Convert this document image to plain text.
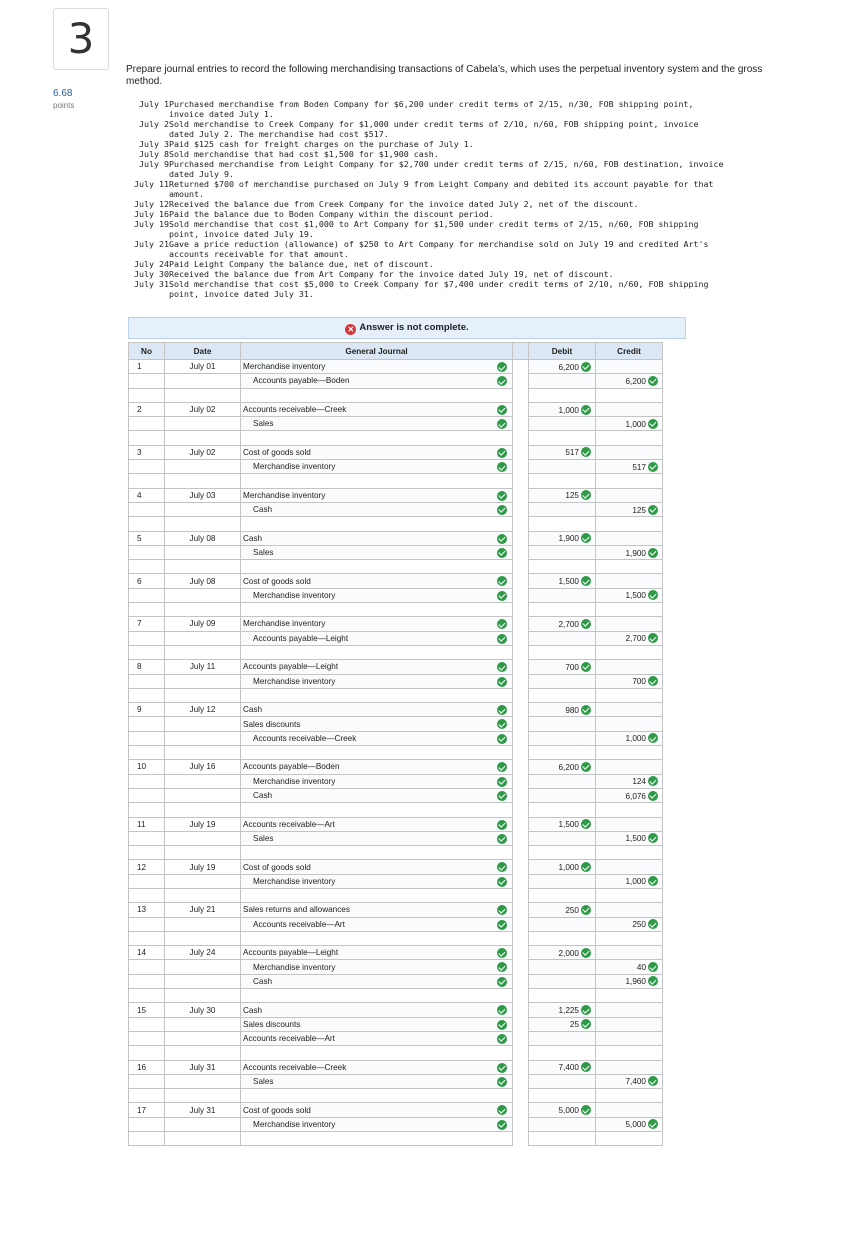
3
6.68
points
Prepare journal entries to record the following merchandising transactions of Cabela’s, which uses the perpetual inventory system and the gross method.
July 1 Purchased merchandise from Boden Company for $6,200 under credit terms of 2/15, n/30, FOB shipping point,
invoice dated July 1.
July 2 Sold merchandise to Creek Company for $1,000 under credit terms of 2/10, n/60, FOB shipping point, invoice
dated July 2. The merchandise had cost $517.
July 3 Paid $125 cash for freight charges on the purchase of July 1.
July 8 Sold merchandise that had cost $1,500 for $1,900 cash.
July 9 Purchased merchandise from Leight Company for $2,700 under credit terms of 2/15, n/60, FOB destination, invoice
dated July 9.
July 11 Returned $700 of merchandise purchased on July 9 from Leight Company and debited its account payable for that
amount.
July 12 Received the balance due from Creek Company for the invoice dated July 2, net of the discount.
July 16 Paid the balance due to Boden Company within the discount period.
July 19 Sold merchandise that cost $1,000 to Art Company for $1,500 under credit terms of 2/15, n/60, FOB shipping
point, invoice dated July 19.
July 21 Gave a price reduction (allowance) of $250 to Art Company for merchandise sold on July 19 and credited Art's
accounts receivable for that amount.
July 24 Paid Leight Company the balance due, net of discount.
July 30 Received the balance due from Art Company for the invoice dated July 19, net of discount.
July 31 Sold merchandise that cost $5,000 to Creek Company for $7,400 under credit terms of 2/10, n/60, FOB shipping
point, invoice dated July 31.
✕ Answer is not complete.
No	Date	General Journal		Debit	Credit
1	July 01	Merchandise inventory		6,200	
		Accounts payable—Boden			6,200

2	July 02	Accounts receivable—Creek		1,000	
		Sales			1,000

3	July 02	Cost of goods sold		517	
		Merchandise inventory			517

4	July 03	Merchandise inventory		125	
		Cash			125

5	July 08	Cash		1,900	
		Sales			1,900

6	July 08	Cost of goods sold		1,500	
		Merchandise inventory			1,500

7	July 09	Merchandise inventory		2,700	
		Accounts payable—Leight			2,700

8	July 11	Accounts payable—Leight		700	
		Merchandise inventory			700

9	July 12	Cash		980	
		Sales discounts

		Accounts receivable—Creek			1,000

10	July 16	Accounts payable—Boden		6,200	
		Merchandise inventory			124
		Cash			6,076

11	July 19	Accounts receivable—Art		1,500	
		Sales			1,500

12	July 19	Cost of goods sold		1,000	
		Merchandise inventory			1,000

13	July 21	Sales returns and allowances		250	
		Accounts receivable—Art			250

14	July 24	Accounts payable—Leight		2,000	
		Merchandise inventory			40
		Cash			1,960

15	July 30	Cash		1,225	
		Sales discounts		25	
		Accounts receivable—Art

16	July 31	Accounts receivable—Creek		7,400	
		Sales			7,400

17	July 31	Cost of goods sold		5,000	
		Merchandise inventory			5,000
